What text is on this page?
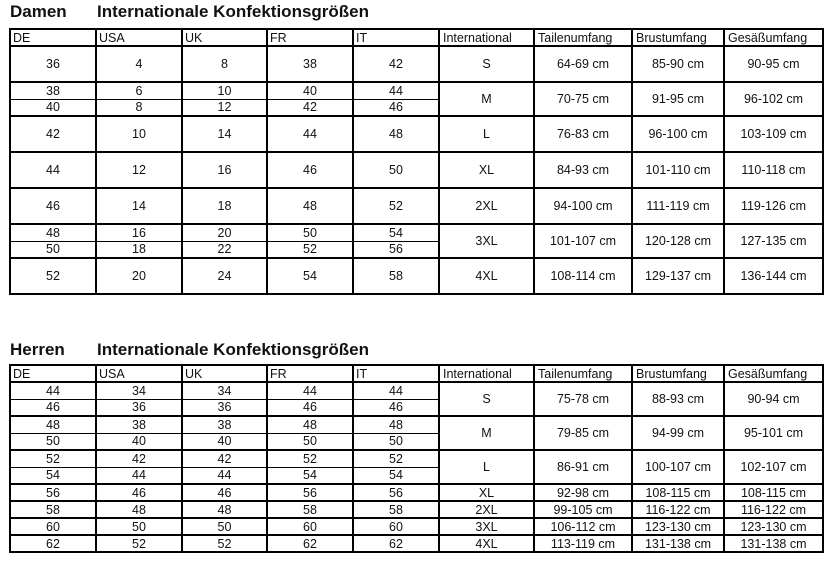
Damen Internationale Konfektionsgrößen
DE	USA	UK	FR	IT	International	Tailenumfang	Brustumfang	Gesäßumfang
36	4	8	38	42	S	64-69 cm	85-90 cm	90-95 cm
38	6	10	40	44	M	70-75 cm	91-95 cm	96-102 cm
40	8	12	42	46				
42	10	14	44	48	L	76-83 cm	96-100 cm	103-109 cm
44	12	16	46	50	XL	84-93 cm	101-110 cm	110-118 cm
46	14	18	48	52	2XL	94-100 cm	111-119 cm	119-126 cm
48	16	20	50	54	3XL	101-107 cm	120-128 cm	127-135 cm
50	18	22	52	56				
52	20	24	54	58	4XL	108-114 cm	129-137 cm	136-144 cm
Herren Internationale Konfektionsgrößen
DE	USA	UK	FR	IT	International	Tailenumfang	Brustumfang	Gesäßumfang
44	34	34	44	44	S	75-78 cm	88-93 cm	90-94 cm
46	36	36	46	46				
48	38	38	48	48	M	79-85 cm	94-99 cm	95-101 cm
50	40	40	50	50				
52	42	42	52	52	L	86-91 cm	100-107 cm	102-107 cm
54	44	44	54	54				
56	46	46	56	56	XL	92-98 cm	108-115 cm	108-115 cm
58	48	48	58	58	2XL	99-105 cm	116-122 cm	116-122 cm
60	50	50	60	60	3XL	106-112 cm	123-130 cm	123-130 cm
62	52	52	62	62	4XL	113-119 cm	131-138 cm	131-138 cm
